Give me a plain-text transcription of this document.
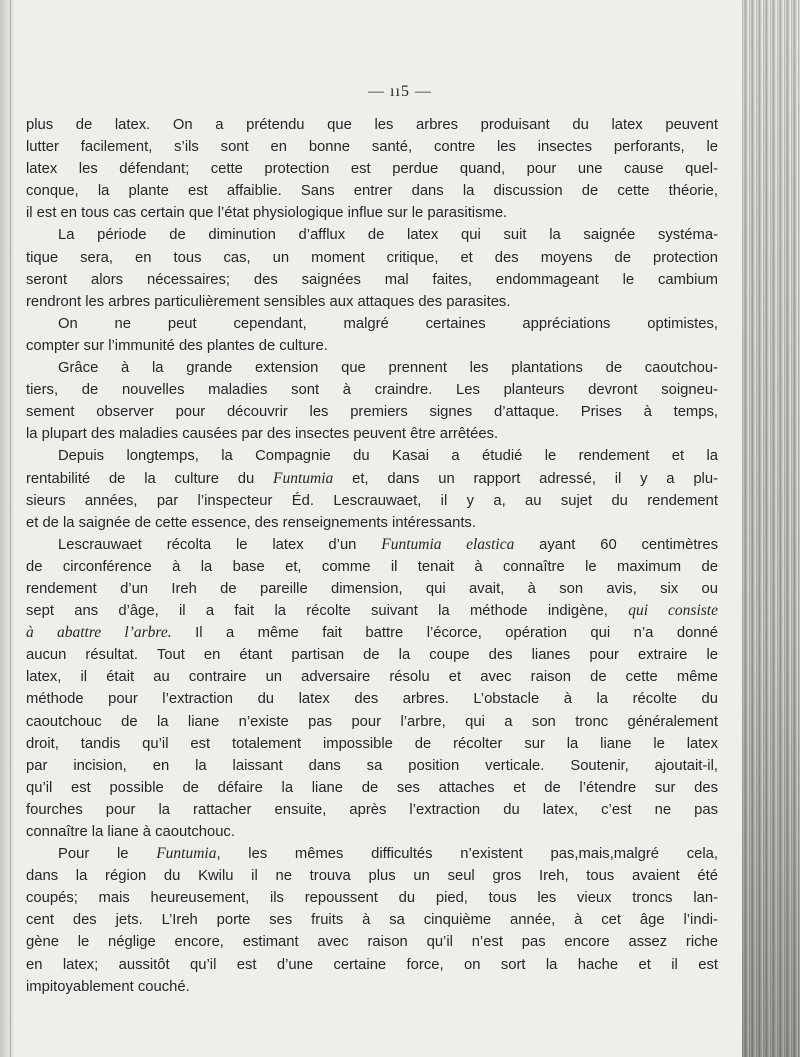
— ıı5 —
plus de latex. On a prétendu que les arbres produisant du latex peuvent
lutter facilement, s’ils sont en bonne santé, contre les insectes perforants, le
latex les défendant; cette protection est perdue quand, pour une cause quel-
conque, la plante est affaiblie. Sans entrer dans la discussion de cette théorie,
il est en tous cas certain que l’état physiologique influe sur le parasitisme.
La période de diminution d’afflux de latex qui suit la saignée systéma-
tique sera, en tous cas, un moment critique, et des moyens de protection
seront alors nécessaires; des saignées mal faites, endommageant le cambium
rendront les arbres particulièrement sensibles aux attaques des parasites.
On ne peut cependant, malgré certaines appréciations optimistes,
compter sur l’immunité des plantes de culture.
Grâce à la grande extension que prennent les plantations de caoutchou-
tiers, de nouvelles maladies sont à craindre. Les planteurs devront soigneu-
sement observer pour découvrir les premiers signes d’attaque. Prises à temps,
la plupart des maladies causées par des insectes peuvent être arrêtées.
Depuis longtemps, la Compagnie du Kasai a étudié le rendement et la
rentabilité de la culture du Funtumia et, dans un rapport adressé, il y a plu-
sieurs années, par l’inspecteur Éd. Lescrauwaet, il y a, au sujet du rendement
et de la saignée de cette essence, des renseignements intéressants.
Lescrauwaet récolta le latex d’un Funtumia elastica ayant 60 centimètres
de circonférence à la base et, comme il tenait à connaître le maximum de
rendement d’un Ireh de pareille dimension, qui avait, à son avis, six ou
sept ans d’âge, il a fait la récolte suivant la méthode indigène, qui consiste
à abattre l’arbre. Il a même fait battre l’écorce, opération qui n’a donné
aucun résultat. Tout en étant partisan de la coupe des lianes pour extraire le
latex, il était au contraire un adversaire résolu et avec raison de cette même
méthode pour l’extraction du latex des arbres. L’obstacle à la récolte du
caoutchouc de la liane n’existe pas pour l’arbre, qui a son tronc généralement
droit, tandis qu’il est totalement impossible de récolter sur la liane le latex
par incision, en la laissant dans sa position verticale. Soutenir, ajoutait-il,
qu’il est possible de défaire la liane de ses attaches et de l’étendre sur des
fourches pour la rattacher ensuite, après l’extraction du latex, c’est ne pas
connaître la liane à caoutchouc.
Pour le Funtumia, les mêmes difficultés n’existent pas,mais,malgré cela,
dans la région du Kwilu il ne trouva plus un seul gros Ireh, tous avaient été
coupés; mais heureusement, ils repoussent du pied, tous les vieux troncs lan-
cent des jets. L’Ireh porte ses fruits à sa cinquième année, à cet âge l’indi-
gène le néglige encore, estimant avec raison qu’il n’est pas encore assez riche
en latex; aussitôt qu’il est d’une certaine force, on sort la hache et il est
impitoyablement couché.
